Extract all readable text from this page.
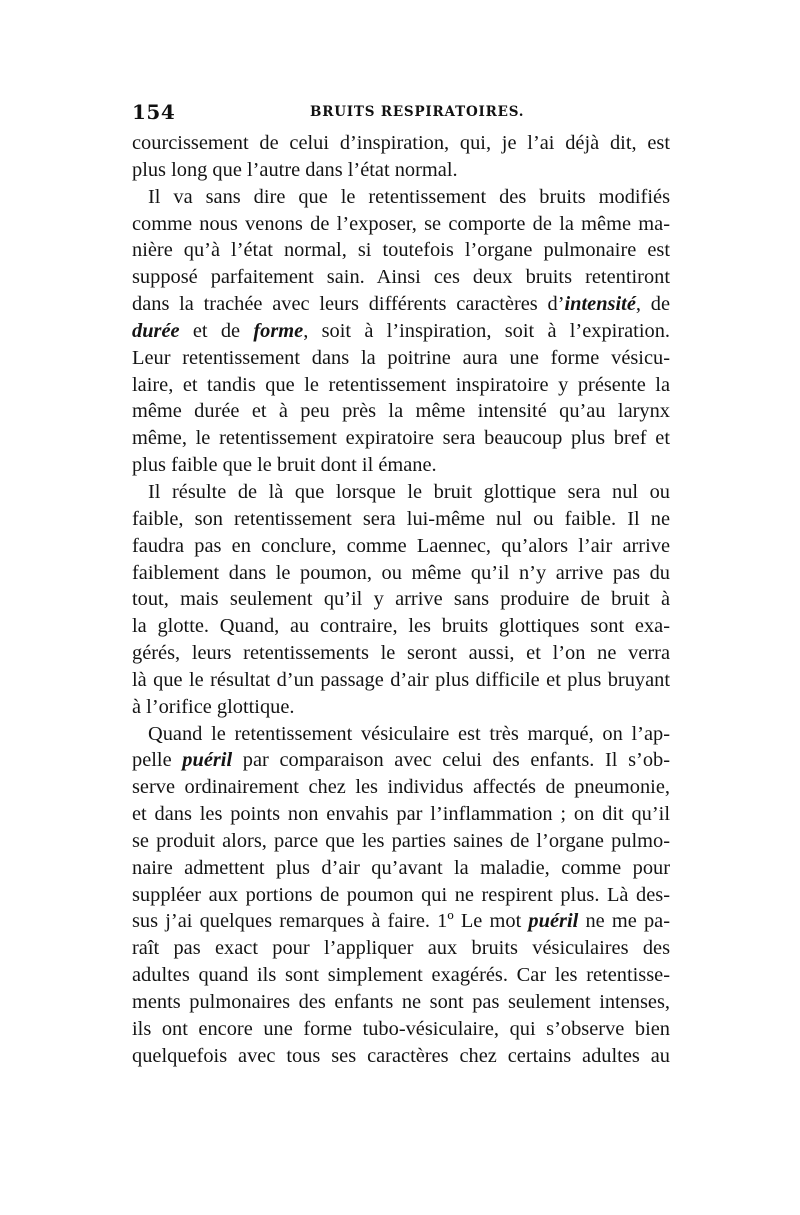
154	BRUITS RESPIRATOIRES.
courcissement de celui d’inspiration, qui, je l’ai déjà dit, est
plus long que l’autre dans l’état normal.
Il va sans dire que le retentissement des bruits modifiés
comme nous venons de l’exposer, se comporte de la même ma-
nière qu’à l’état normal, si toutefois l’organe pulmonaire est
supposé parfaitement sain. Ainsi ces deux bruits retentiront
dans la trachée avec leurs différents caractères d’intensité, de
durée et de forme, soit à l’inspiration, soit à l’expiration.
Leur retentissement dans la poitrine aura une forme vésicu-
laire, et tandis que le retentissement inspiratoire y présente la
même durée et à peu près la même intensité qu’au larynx
même, le retentissement expiratoire sera beaucoup plus bref et
plus faible que le bruit dont il émane.
Il résulte de là que lorsque le bruit glottique sera nul ou
faible, son retentissement sera lui-même nul ou faible. Il ne
faudra pas en conclure, comme Laennec, qu’alors l’air arrive
faiblement dans le poumon, ou même qu’il n’y arrive pas du
tout, mais seulement qu’il y arrive sans produire de bruit à
la glotte. Quand, au contraire, les bruits glottiques sont exa-
gérés, leurs retentissements le seront aussi, et l’on ne verra
là que le résultat d’un passage d’air plus difficile et plus bruyant
à l’orifice glottique.
Quand le retentissement vésiculaire est très marqué, on l’ap-
pelle puéril par comparaison avec celui des enfants. Il s’ob-
serve ordinairement chez les individus affectés de pneumonie,
et dans les points non envahis par l’inflammation ; on dit qu’il
se produit alors, parce que les parties saines de l’organe pulmo-
naire admettent plus d’air qu’avant la maladie, comme pour
suppléer aux portions de poumon qui ne respirent plus. Là des-
sus j’ai quelques remarques à faire. 1º Le mot puéril ne me pa-
raît pas exact pour l’appliquer aux bruits vésiculaires des
adultes quand ils sont simplement exagérés. Car les retentisse-
ments pulmonaires des enfants ne sont pas seulement intenses,
ils ont encore une forme tubo-vésiculaire, qui s’observe bien
quelquefois avec tous ses caractères chez certains adultes au
